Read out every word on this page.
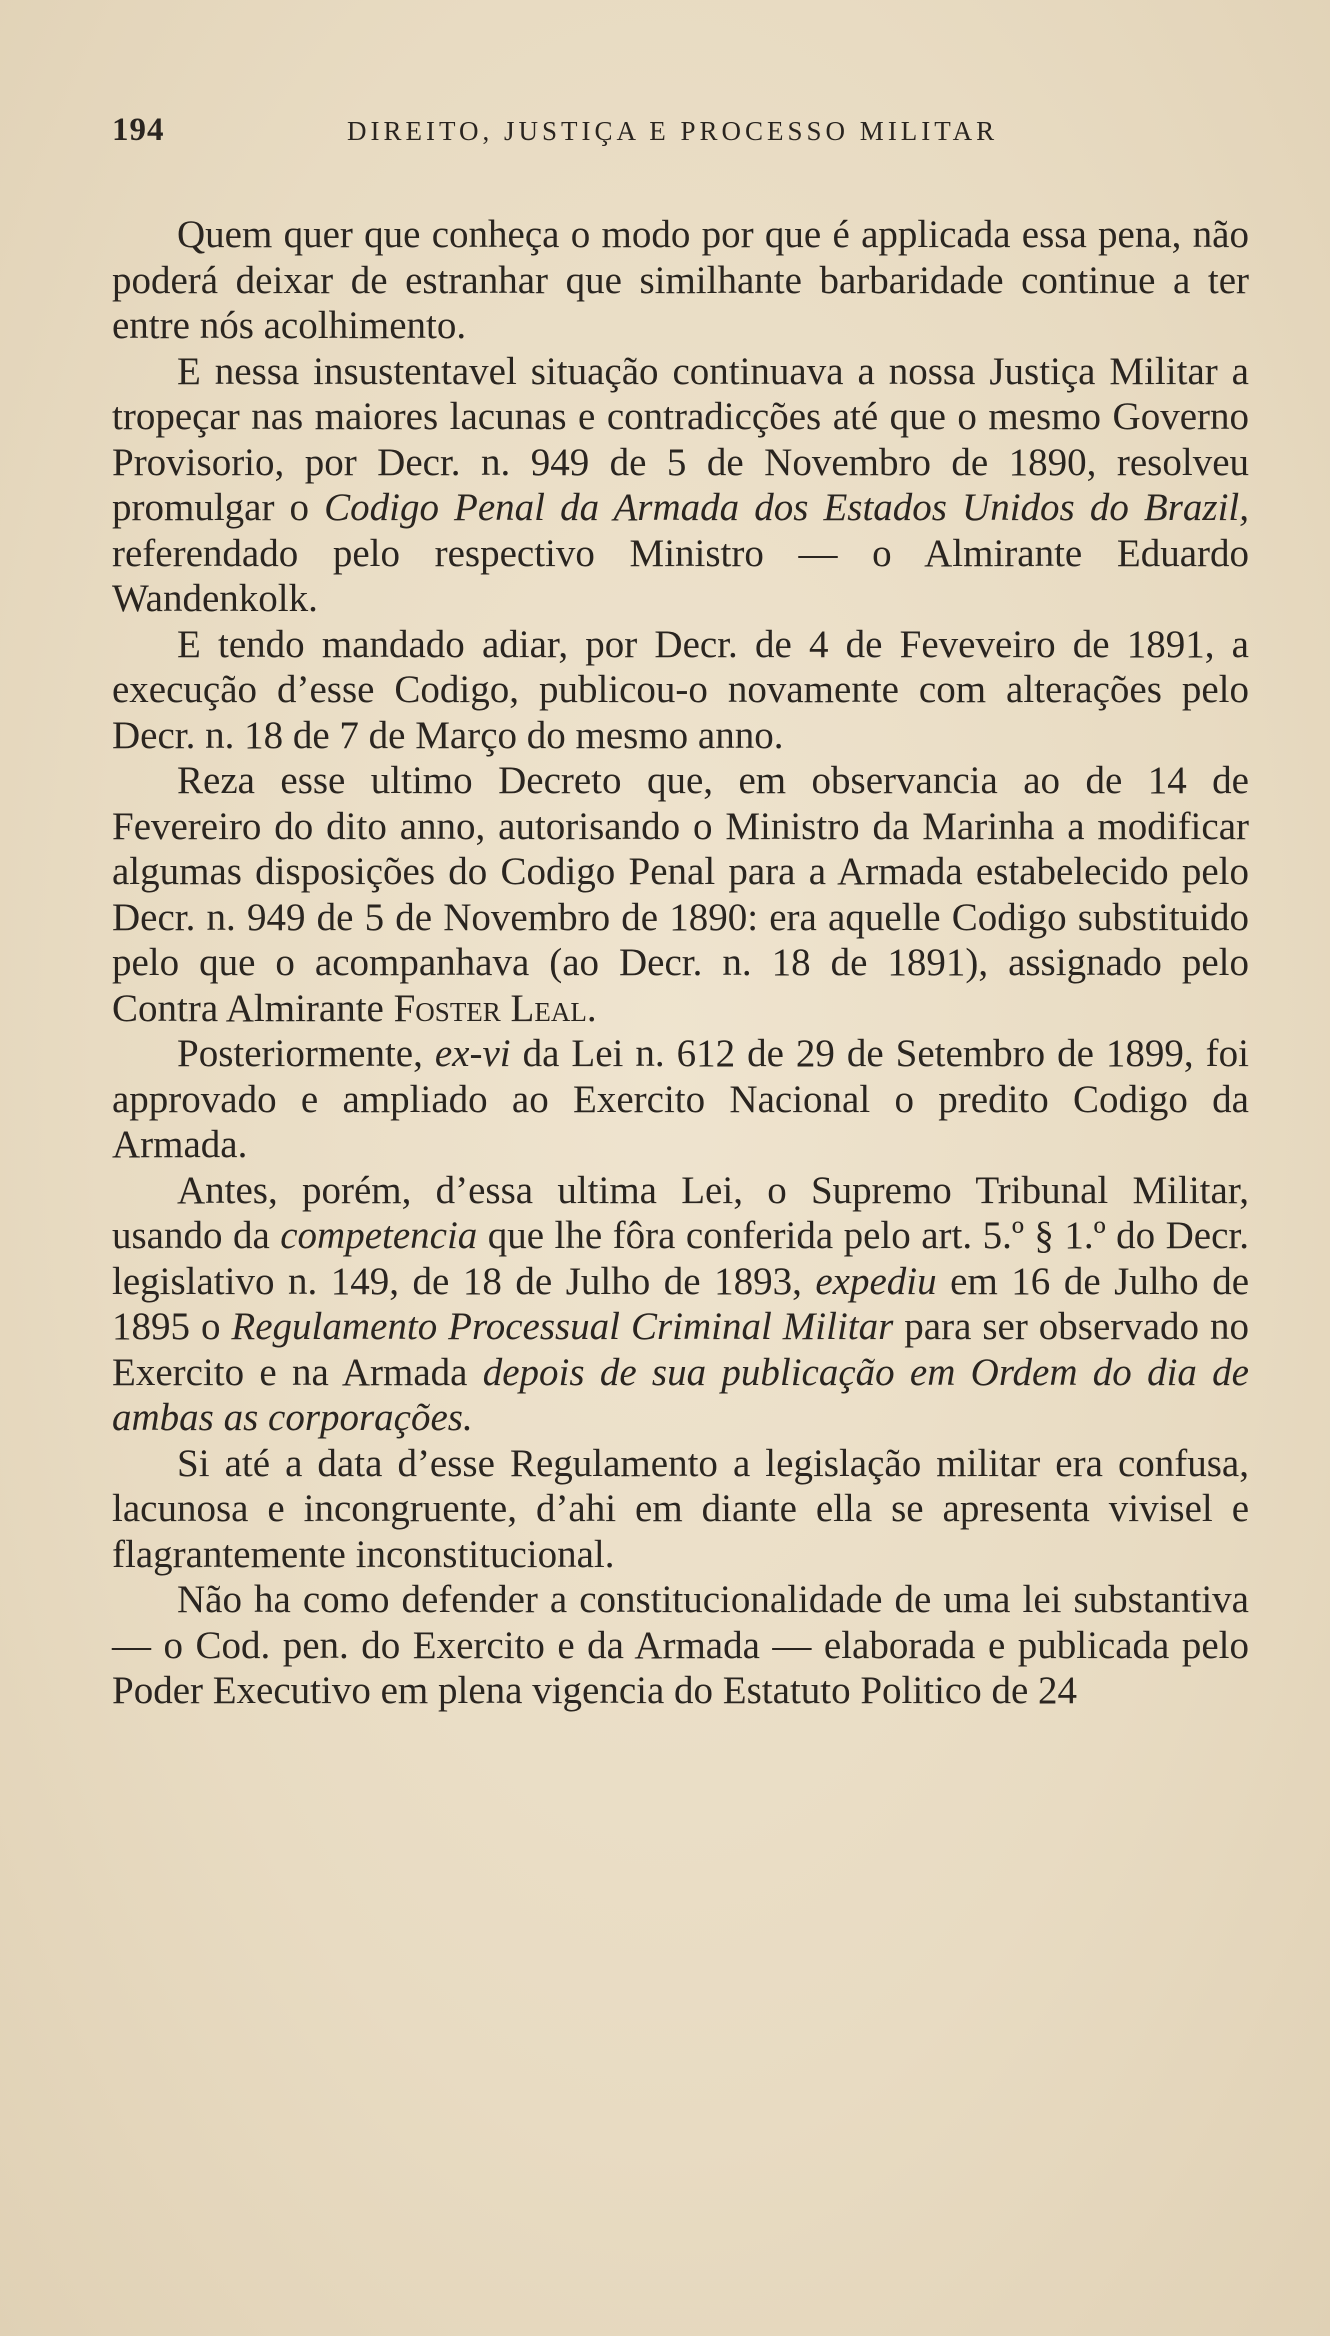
194	DIREITO, JUSTIÇA E PROCESSO MILITAR

Quem quer que conheça o modo por que é applicada essa pena, não poderá deixar de estranhar que similhante barbaridade continue a ter entre nós acolhimento.

E nessa insustentavel situação continuava a nossa Justiça Militar a tropeçar nas maiores lacunas e contradicções até que o mesmo Governo Provisorio, por Decr. n. 949 de 5 de Novembro de 1890, resolveu promulgar o Codigo Penal da Armada dos Estados Unidos do Brazil, referendado pelo respectivo Ministro — o Almirante Eduardo Wandenkolk.

E tendo mandado adiar, por Decr. de 4 de Feveveiro de 1891, a execução d’esse Codigo, publicou-o novamente com alterações pelo Decr. n. 18 de 7 de Março do mesmo anno.

Reza esse ultimo Decreto que, em observancia ao de 14 de Fevereiro do dito anno, autorisando o Ministro da Marinha a modificar algumas disposições do Codigo Penal para a Armada estabelecido pelo Decr. n. 949 de 5 de Novembro de 1890: era aquelle Codigo substituido pelo que o acompanhava (ao Decr. n. 18 de 1891), assignado pelo Contra Almirante Foster Leal.

Posteriormente, ex-vi da Lei n. 612 de 29 de Setembro de 1899, foi approvado e ampliado ao Exercito Nacional o predito Codigo da Armada.

Antes, porém, d’essa ultima Lei, o Supremo Tribunal Militar, usando da competencia que lhe fôra conferida pelo art. 5.º § 1.º do Decr. legislativo n. 149, de 18 de Julho de 1893, expediu em 16 de Julho de 1895 o Regulamento Processual Criminal Militar para ser observado no Exercito e na Armada depois de sua publicação em Ordem do dia de ambas as corporações.

Si até a data d’esse Regulamento a legislação militar era confusa, lacunosa e incongruente, d’ahi em diante ella se apresenta vivisel e flagrantemente inconstitucional.

Não ha como defender a constitucionalidade de uma lei substantiva — o Cod. pen. do Exercito e da Armada — elaborada e publicada pelo Poder Executivo em plena vigencia do Estatuto Politico de 24
